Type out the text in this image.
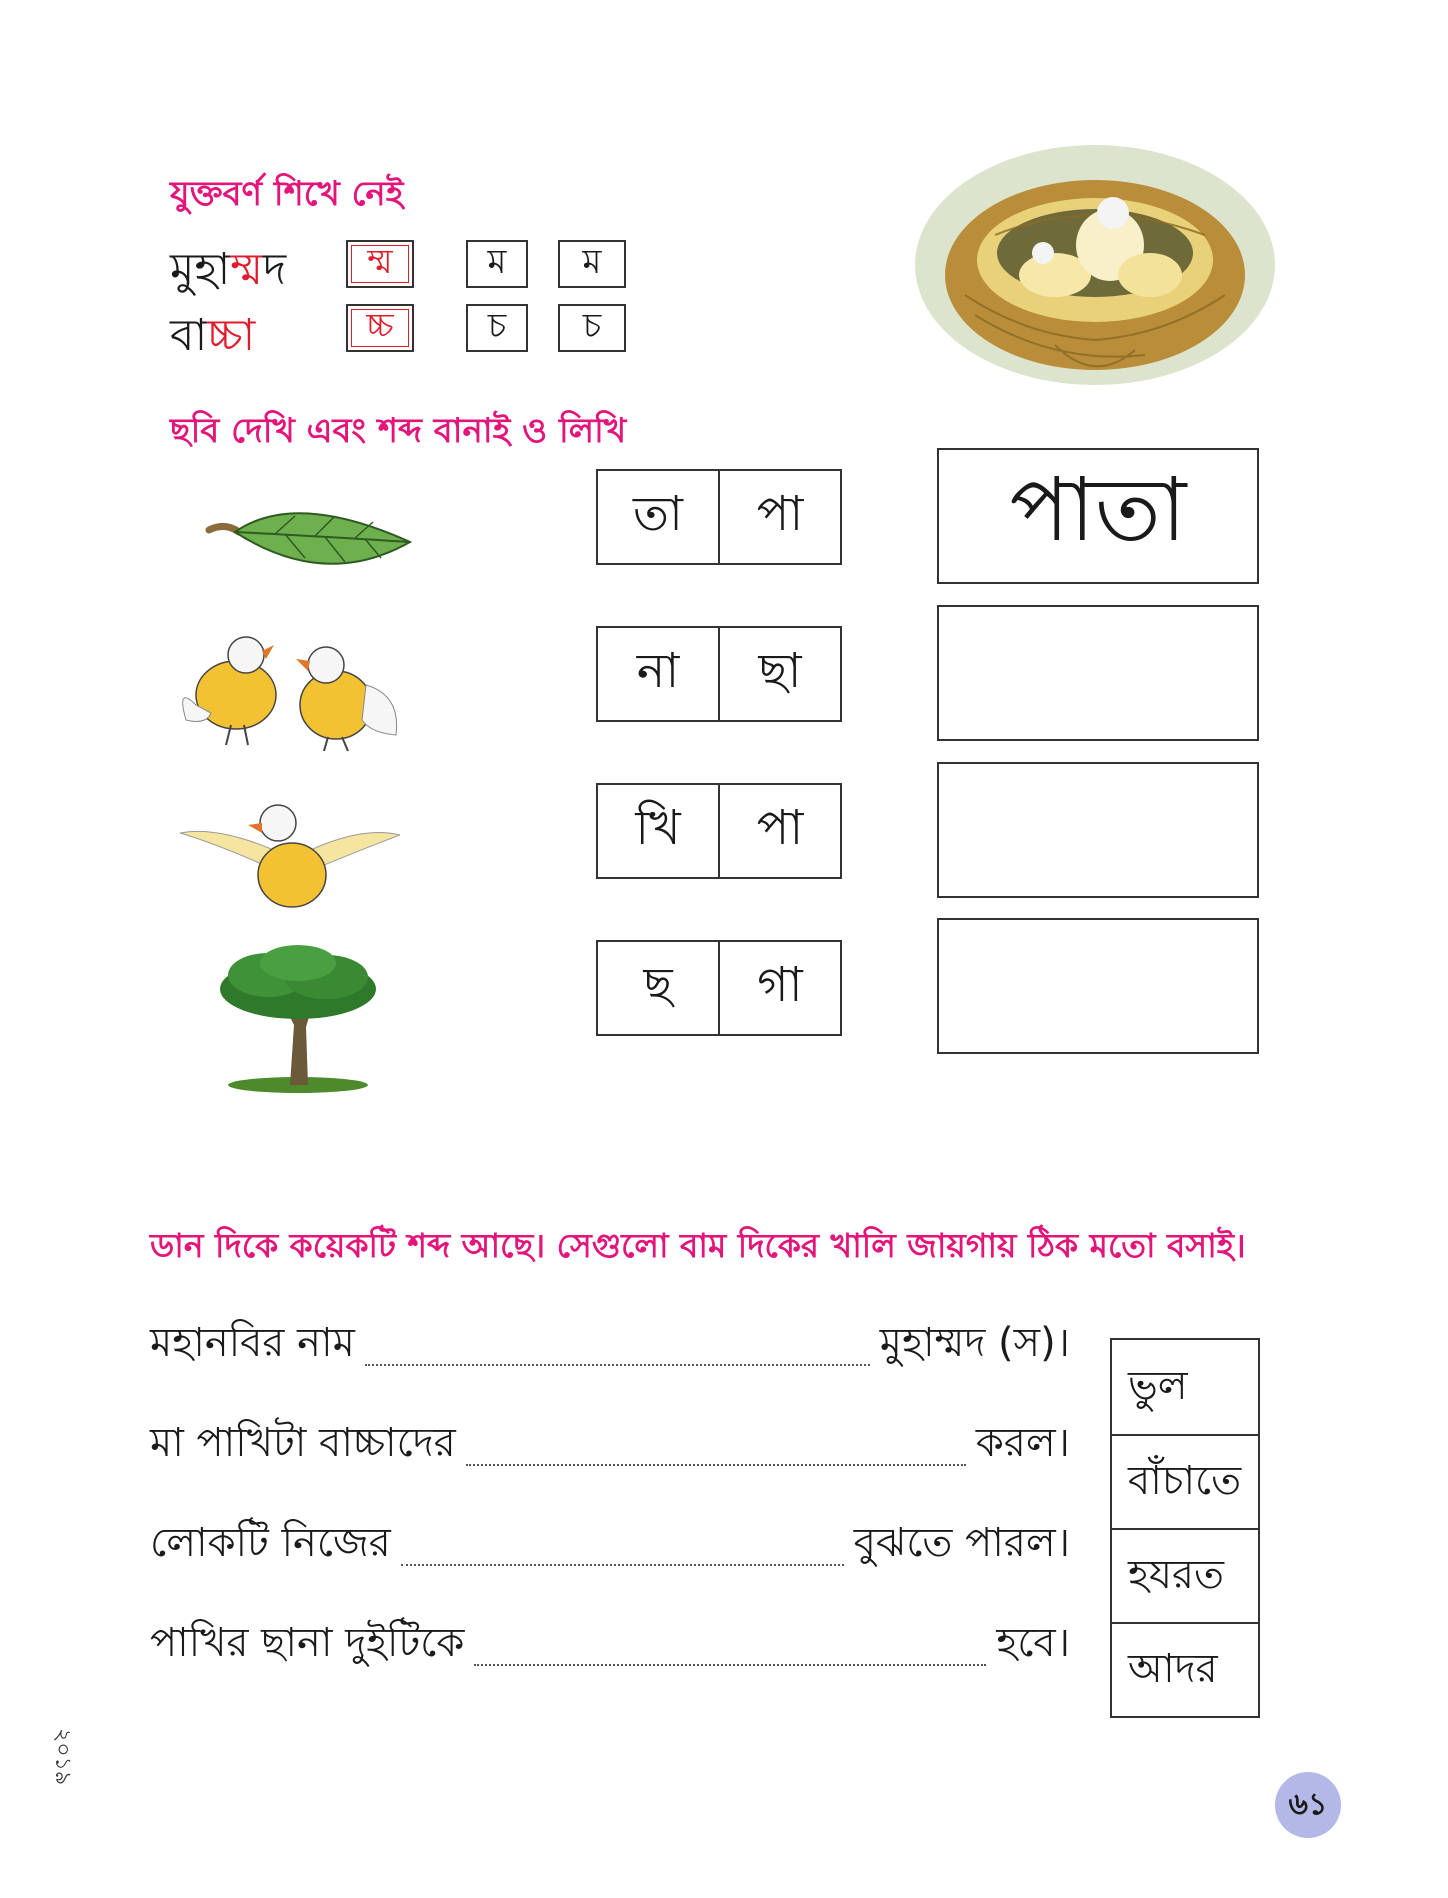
যুক্তবর্ণ শিখে নেই
মুহাম্মদ	ম্ম	ম	ম
বাচ্চা	চ্চ	চ	চ
ছবি দেখি এবং শব্দ বানাই ও লিখি
তা	পা
না	ছা
খি	পা
ছ	গা
পাতা
ডান দিকে কয়েকটি শব্দ আছে। সেগুলো বাম দিকের খালি জায়গায় ঠিক মতো বসাই।
মহানবির নাম	মুহাম্মদ (স)।
মা পাখিটা বাচ্চাদের	করল।
লোকটি নিজের	বুঝতে পারল।
পাখির ছানা দুইটিকে	হবে।
ভুল
বাঁচাতে
হযরত
আদর
২০১৯
৬১
